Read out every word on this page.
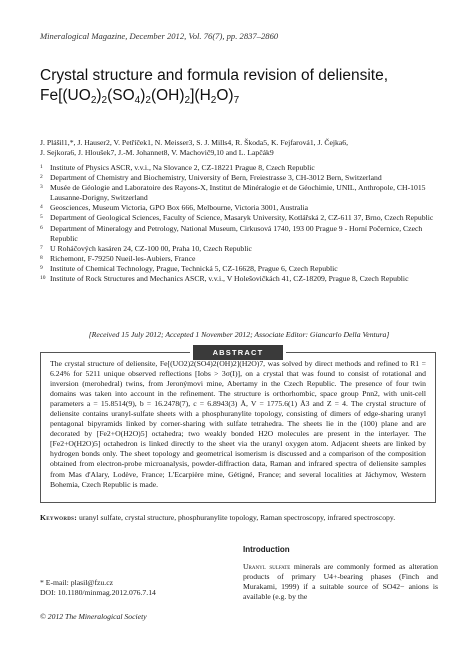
Mineralogical Magazine, December 2012, Vol. 76(7), pp. 2837–2860
Crystal structure and formula revision of deliensite,
$Fe[(UO_2)_2(SO_4)_2(OH)_2](H_2O)_7$
J. Plášil1,*, J. Hauser2, V. Petříček1, N. Meisser3, S. J. Mills4, R. Škoda5, K. Fejfarová1, J. Čejka6,
J. Sejkora6, J. Hloušek7, J.-M. Johannet8, V. Machovič9,10 and L. Lapčák9
1 Institute of Physics ASCR, v.v.i., Na Slovance 2, CZ-18221 Prague 8, Czech Republic
2 Department of Chemistry and Biochemistry, University of Bern, Freiestrasse 3, CH-3012 Bern, Switzerland
3 Musée de Géologie and Laboratoire des Rayons-X, Institut de Minéralogie et de Géochimie, UNIL, Anthropole, CH-1015 Lausanne-Dorigny, Switzerland
4 Geosciences, Museum Victoria, GPO Box 666, Melbourne, Victoria 3001, Australia
5 Department of Geological Sciences, Faculty of Science, Masaryk University, Kotlářská 2, CZ-611 37, Brno, Czech Republic
6 Department of Mineralogy and Petrology, National Museum, Cirkusová 1740, 193 00 Prague 9 - Horní Počernice, Czech Republic
7 U Roháčových kasáren 24, CZ-100 00, Praha 10, Czech Republic
8 Richemont, F-79250 Nueil-les-Aubiers, France
9 Institute of Chemical Technology, Prague, Technická 5, CZ-16628, Prague 6, Czech Republic
10 Institute of Rock Structures and Mechanics ASCR, v.v.i., V Holešovičkách 41, CZ-18209, Prague 8, Czech Republic
[Received 15 July 2012; Accepted 1 November 2012; Associate Editor: Giancarlo Della Ventura]
ABSTRACT
The crystal structure of deliensite, Fe[(UO2)2(SO4)2(OH)2](H2O)7, was solved by direct methods and refined to R1 = 6.24% for 5211 unique observed reflections [Iobs > 3σ(I)], on a crystal that was found to consist of rotational and inversion (merohedral) twins, from Jeronýmovi mine, Abertamy in the Czech Republic. The presence of four twin domains was taken into account in the refinement. The structure is orthorhombic, space group Pnn2, with unit-cell parameters a = 15.8514(9), b = 16.2478(7), c = 6.8943(3) Å, V = 1775.6(1) Å3 and Z = 4. The crystal structure of deliensite contains uranyl-sulfate sheets with a phosphuranylite topology, consisting of dimers of edge-sharing uranyl pentagonal bipyramids linked by corner-sharing with sulfate tetrahedra. The sheets lie in the (100) plane and are decorated by [Fe2+O(H2O)5] octahedra; two weakly bonded H2O molecules are present in the interlayer. The [Fe2+O(H2O)5] octahedron is linked directly to the sheet via the uranyl oxygen atom. Adjacent sheets are linked by hydrogen bonds only. The sheet topology and geometrical isomerism is discussed and a comparison of the composition obtained from electron-probe microanalysis, powder-diffraction data, Raman and infrared spectra of deliensite samples from Mas d'Alary, Lodève, France; L'Ecarpière mine, Gétigné, France; and several localities at Jáchymov, Western Bohemia, Czech Republic is made.
Keywords: uranyl sulfate, crystal structure, phosphuranylite topology, Raman spectroscopy, infrared spectroscopy.
Introduction
Uranyl sulfate minerals are commonly formed as alteration products of primary U4+-bearing phases (Finch and Murakami, 1999) if a suitable source of SO42− anions is available (e.g. by the
* E-mail: plasil@fzu.cz
DOI: 10.1180/minmag.2012.076.7.14
© 2012 The Mineralogical Society
